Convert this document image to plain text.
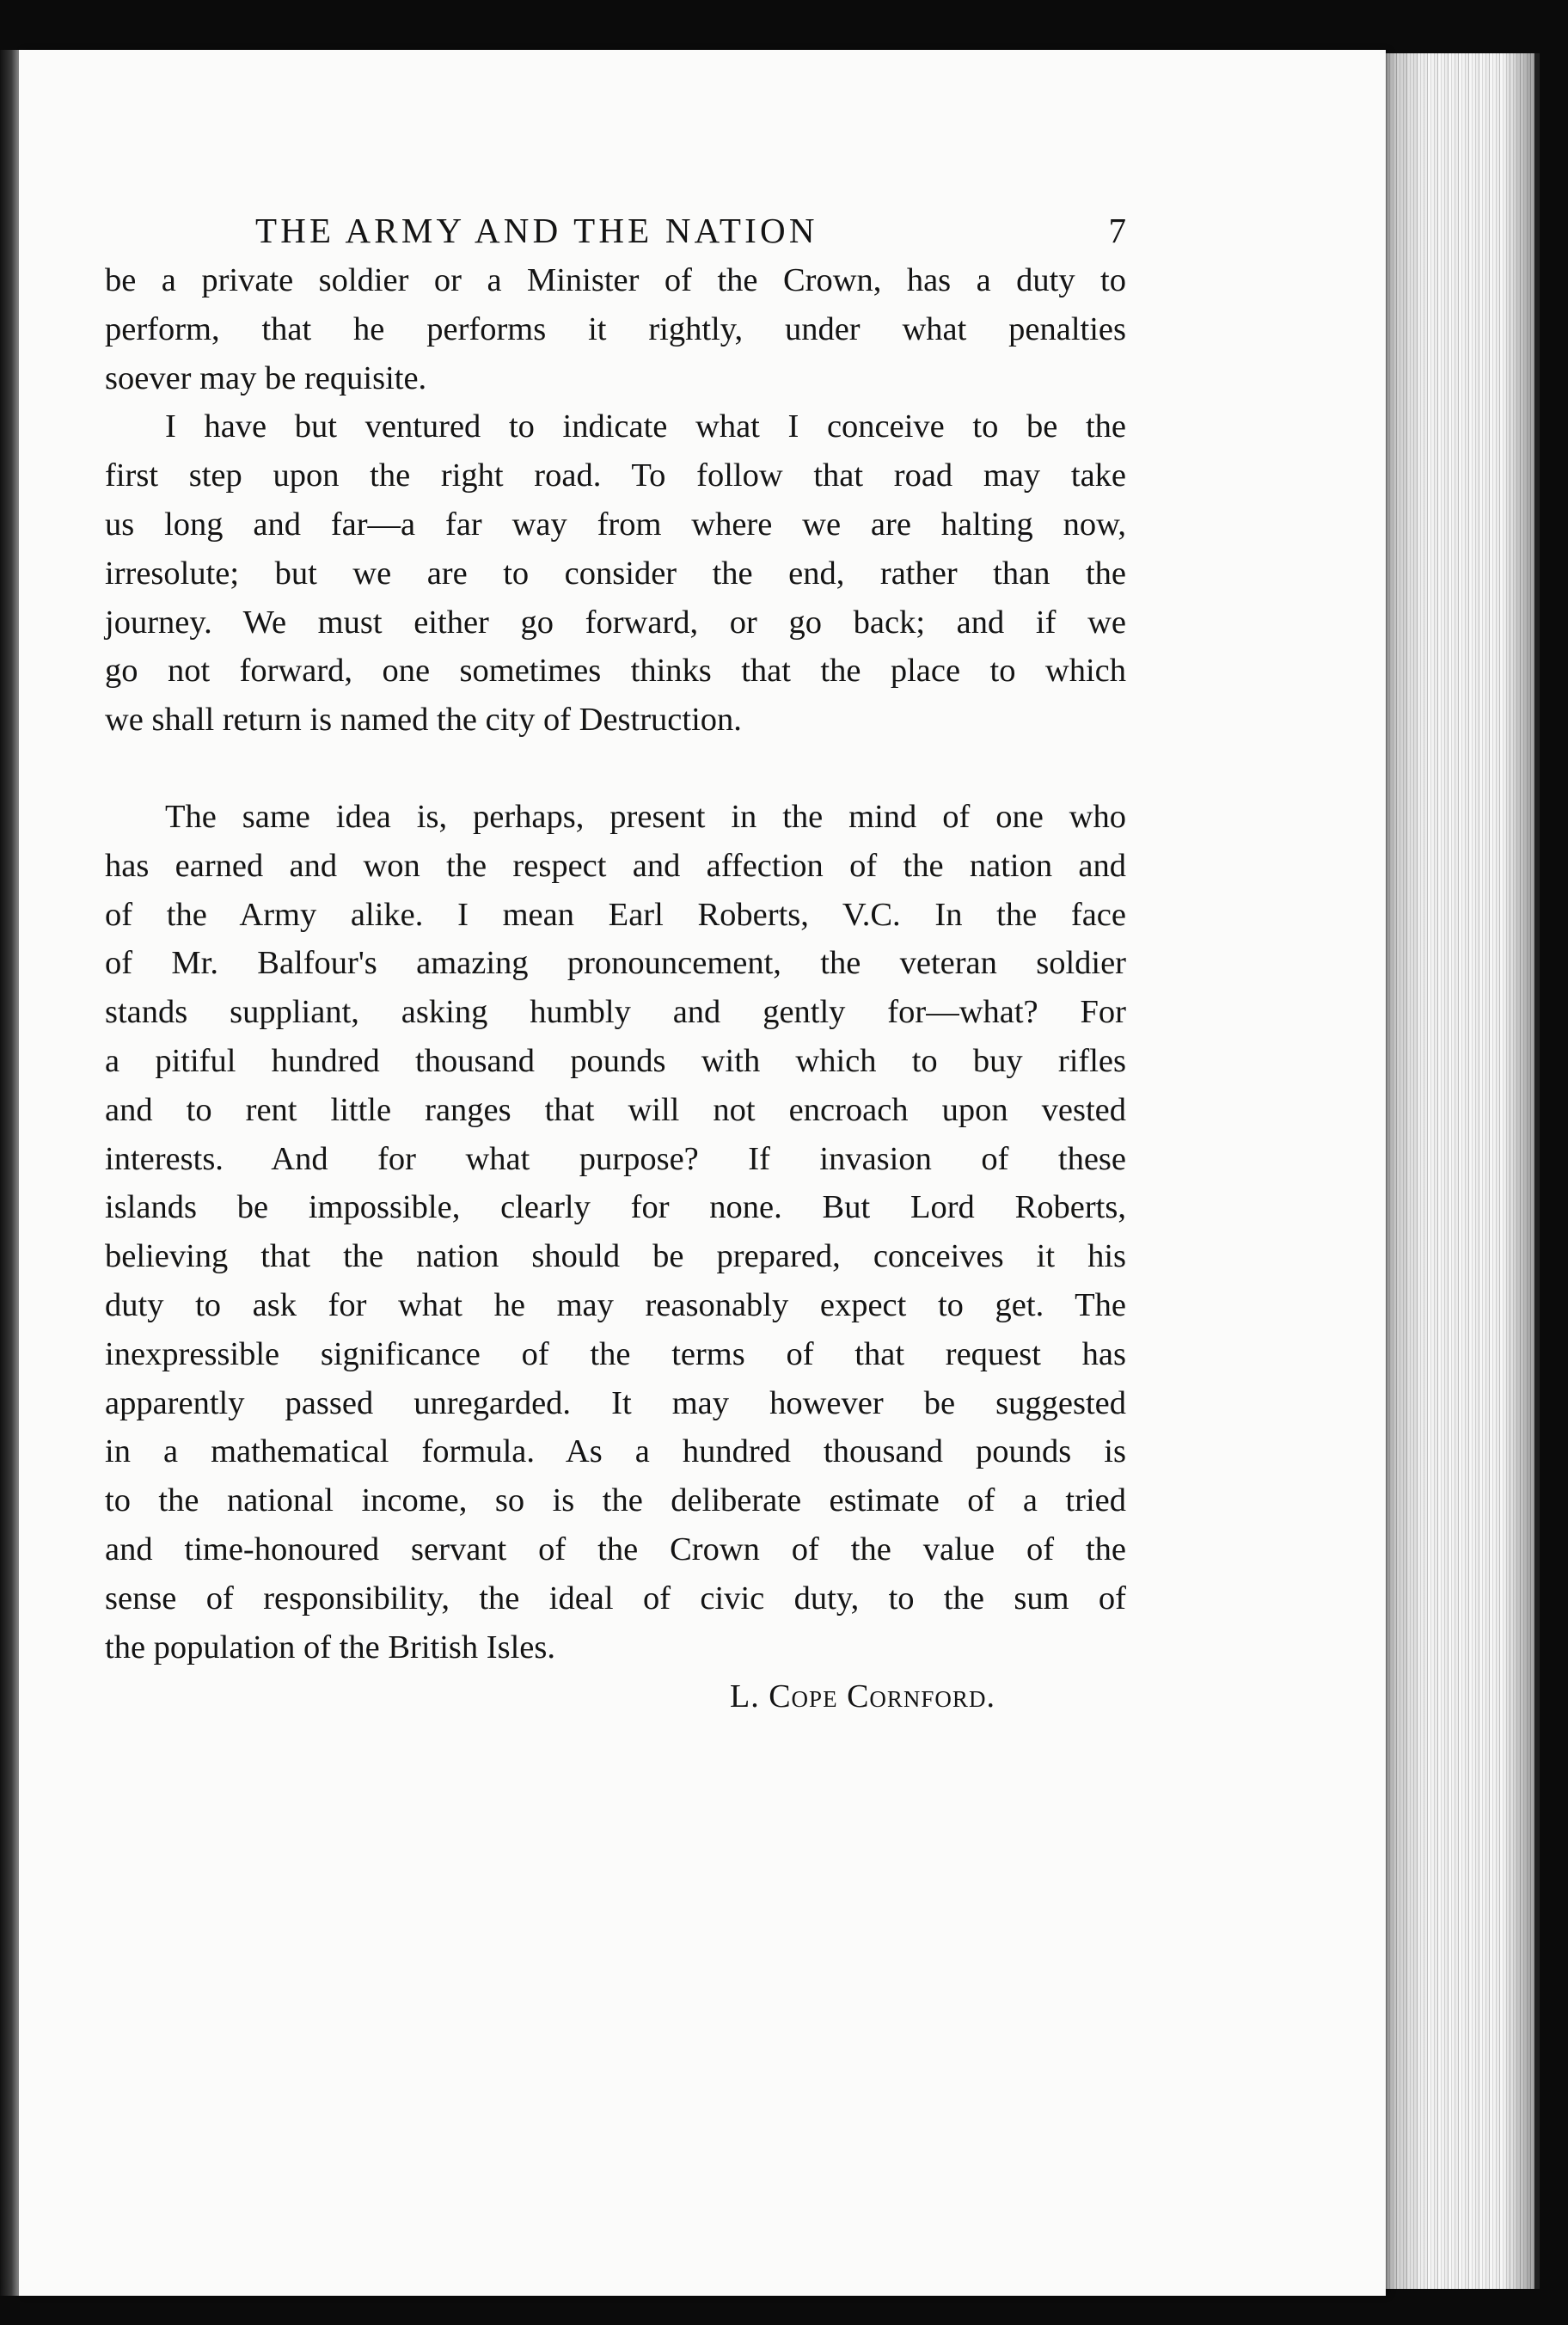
THE ARMY AND THE NATION	7

be a private soldier or a Minister of the Crown, has a duty to
perform, that he performs it rightly, under what penalties
soever may be requisite.

I have but ventured to indicate what I conceive to be the
first step upon the right road. To follow that road may take
us long and far—a far way from where we are halting now,
irresolute; but we are to consider the end, rather than the
journey. We must either go forward, or go back; and if we
go not forward, one sometimes thinks that the place to which
we shall return is named the city of Destruction.

The same idea is, perhaps, present in the mind of one who
has earned and won the respect and affection of the nation and
of the Army alike. I mean Earl Roberts, V.C. In the face
of Mr. Balfour's amazing pronouncement, the veteran soldier
stands suppliant, asking humbly and gently for—what? For
a pitiful hundred thousand pounds with which to buy rifles
and to rent little ranges that will not encroach upon vested
interests. And for what purpose? If invasion of these
islands be impossible, clearly for none. But Lord Roberts,
believing that the nation should be prepared, conceives it his
duty to ask for what he may reasonably expect to get. The
inexpressible significance of the terms of that request has
apparently passed unregarded. It may however be suggested
in a mathematical formula. As a hundred thousand pounds is
to the national income, so is the deliberate estimate of a tried
and time-honoured servant of the Crown of the value of the
sense of responsibility, the ideal of civic duty, to the sum of
the population of the British Isles.

L. Cope Cornford.
